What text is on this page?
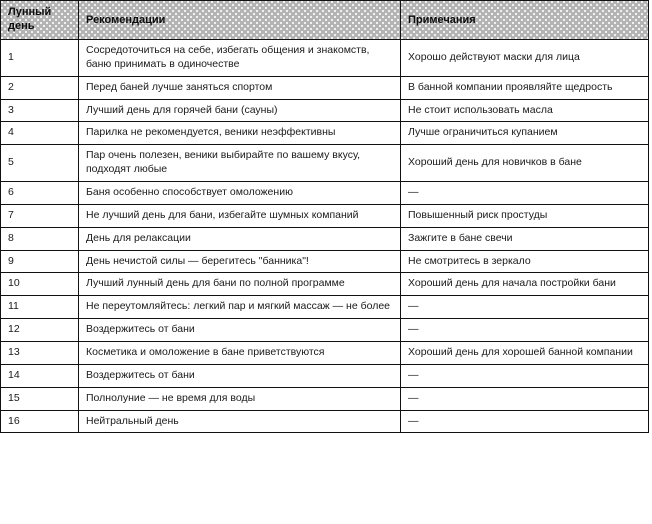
Лунный день	Рекомендации	Примечания
1	Сосредоточиться на себе, избегать общения и знакомств,
баню принимать в одиночестве	Хорошо действуют маски для лица
2	Перед баней лучше заняться спортом	В банной компании проявляйте щедрость
3	Лучший день для горячей бани (сауны)	Не стоит использовать масла
4	Парилка не рекомендуется, веники неэффективны	Лучше ограничиться купанием
5	Пар очень полезен, веники выбирайте по вашему вкусу,
подходят любые	Хороший день для новичков в бане
6	Баня особенно способствует омоложению	—
7	Не лучший день для бани, избегайте шумных компаний	Повышенный риск простуды
8	День для релаксации	Зажгите в бане свечи
9	День нечистой силы — берегитесь "банника"!	Не смотритесь в зеркало
10	Лучший лунный день для бани по полной программе	Хороший день для начала постройки бани
11	Не переутомляйтесь: легкий пар и мягкий массаж — не более	—
12	Воздержитесь от бани	—
13	Косметика и омоложение в бане приветствуются	Хороший день для хорошей банной компании
14	Воздержитесь от бани	—
15	Полнолуние — не время для воды	—
16	Нейтральный день	—
